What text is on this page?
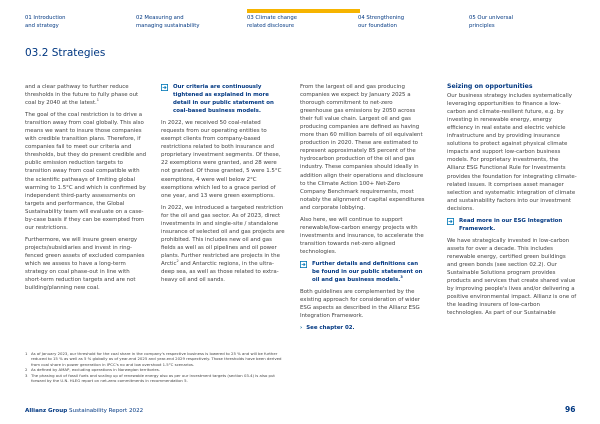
01 Introduction
and strategy
02 Measuring and
managing sustainability
03 Climate change
related disclosure
04 Strengthening
our foundation
05 Our universal
principles
03.2 Strategies

and a clear pathway to further reduce thresholds in the future to fully phase out coal by 2040 at the latest.$^1$

The goal of the coal restriction is to drive a transition away from coal globally. This also means we want to insure those companies with credible transition plans. Therefore, if companies fail to meet our criteria and thresholds, but they do present credible and public emission reduction targets to transition away from coal compatible with the scientific pathways of limiting global warming to 1.5°C and which is confirmed by independent third-party assessments on targets and performance, the Global Sustainability team will evaluate on a case-by-case basis if they can be exempted from our restrictions.

Furthermore, we will insure green energy projects/subsidiaries and invest in ring-fenced green assets of excluded companies which we assess to have a long-term strategy on coal phase-out in line with short-term reduction targets and are not building/planning new coal.

Our criteria are continuously tightened as explained in more detail in our public statement on coal-based business models.

In 2022, we received 50 coal-related requests from our operating entities to exempt clients from company-based restrictions related to both insurance and proprietary investment segments. Of these, 22 exemptions were granted, and 28 were not granted. Of those granted, 5 were 1.5°C exemptions, 4 were well below 2°C exemptions which led to a grace period of one year, and 13 were green exemptions.

In 2022, we introduced a targeted restriction for the oil and gas sector. As of 2023, direct investments in and single-site / standalone insurance of selected oil and gas projects are prohibited. This includes new oil and gas fields as well as oil pipelines and oil power plants. Further restricted are projects in the Arctic$^2$ and Antarctic regions, in the ultra-deep sea, as well as those related to extra-heavy oil and oil sands.

From the largest oil and gas producing companies we expect by January 2025 a thorough commitment to net-zero greenhouse gas emissions by 2050 across their full value chain. Largest oil and gas producing companies are defined as having more than 60 million barrels of oil equivalent production in 2020. These are estimated to represent approximately 85 percent of the hydrocarbon production of the oil and gas industry. These companies should ideally in addition align their operations and disclosure to the Climate Action 100+ Net-Zero Company Benchmark requirements, most notably the alignment of capital expenditures and corporate lobbying.

Also here, we will continue to support renewable/low-carbon energy projects with investments and insurance, to accelerate the transition towards net-zero aligned technologies.

Further details and definitions can be found in our public statement on oil and gas business models.$^3$

Both guidelines are complemented by the existing approach for consideration of wider ESG aspects as described in the Allianz ESG Integration Framework.

› See chapter 02.
Seizing on opportunities

Our business strategy includes systematically leveraging opportunities to finance a low-carbon and climate-resilient future, e.g. by investing in renewable energy, energy efficiency in real estate and electric vehicle infrastructure and by providing insurance solutions to protect against physical climate impacts and support low-carbon business models. For proprietary investments, the Allianz ESG Functional Rule for Investments provides the foundation for integrating climate-related issues. It comprises asset manager selection and systematic integration of climate and sustainability factors into our investment decisions.

Read more in our ESG Integration Framework.

We have strategically invested in low-carbon assets for over a decade. This includes renewable energy, certified green buildings and green bonds (see section 02.2). Our Sustainable Solutions program provides products and services that create shared value by improving people's lives and/or delivering a positive environmental impact. Allianz is one of the leading insurers of low-carbon technologies. As part of our Sustainable

1 As of January 2023, our threshold for the coal share in the company's respective business is lowered to 25 % and will be further reduced to 15 % as well as 5 % globally as of year-end 2025 and year-end 2029 respectively. Those thresholds have been derived from coal share in power generation in IPCC's no and low overshoot 1.5°C scenarios.
2 As defined by AMAP, excluding operations in Norwegian territories.
3 The phasing out of fossil fuels and scaling up of renewable energy also as per our investment targets (section 03.4) is also put forward by the U.N. HLEG report on net-zero commitments in recommendation 5.
Allianz Group Sustainability Report 2022	96
